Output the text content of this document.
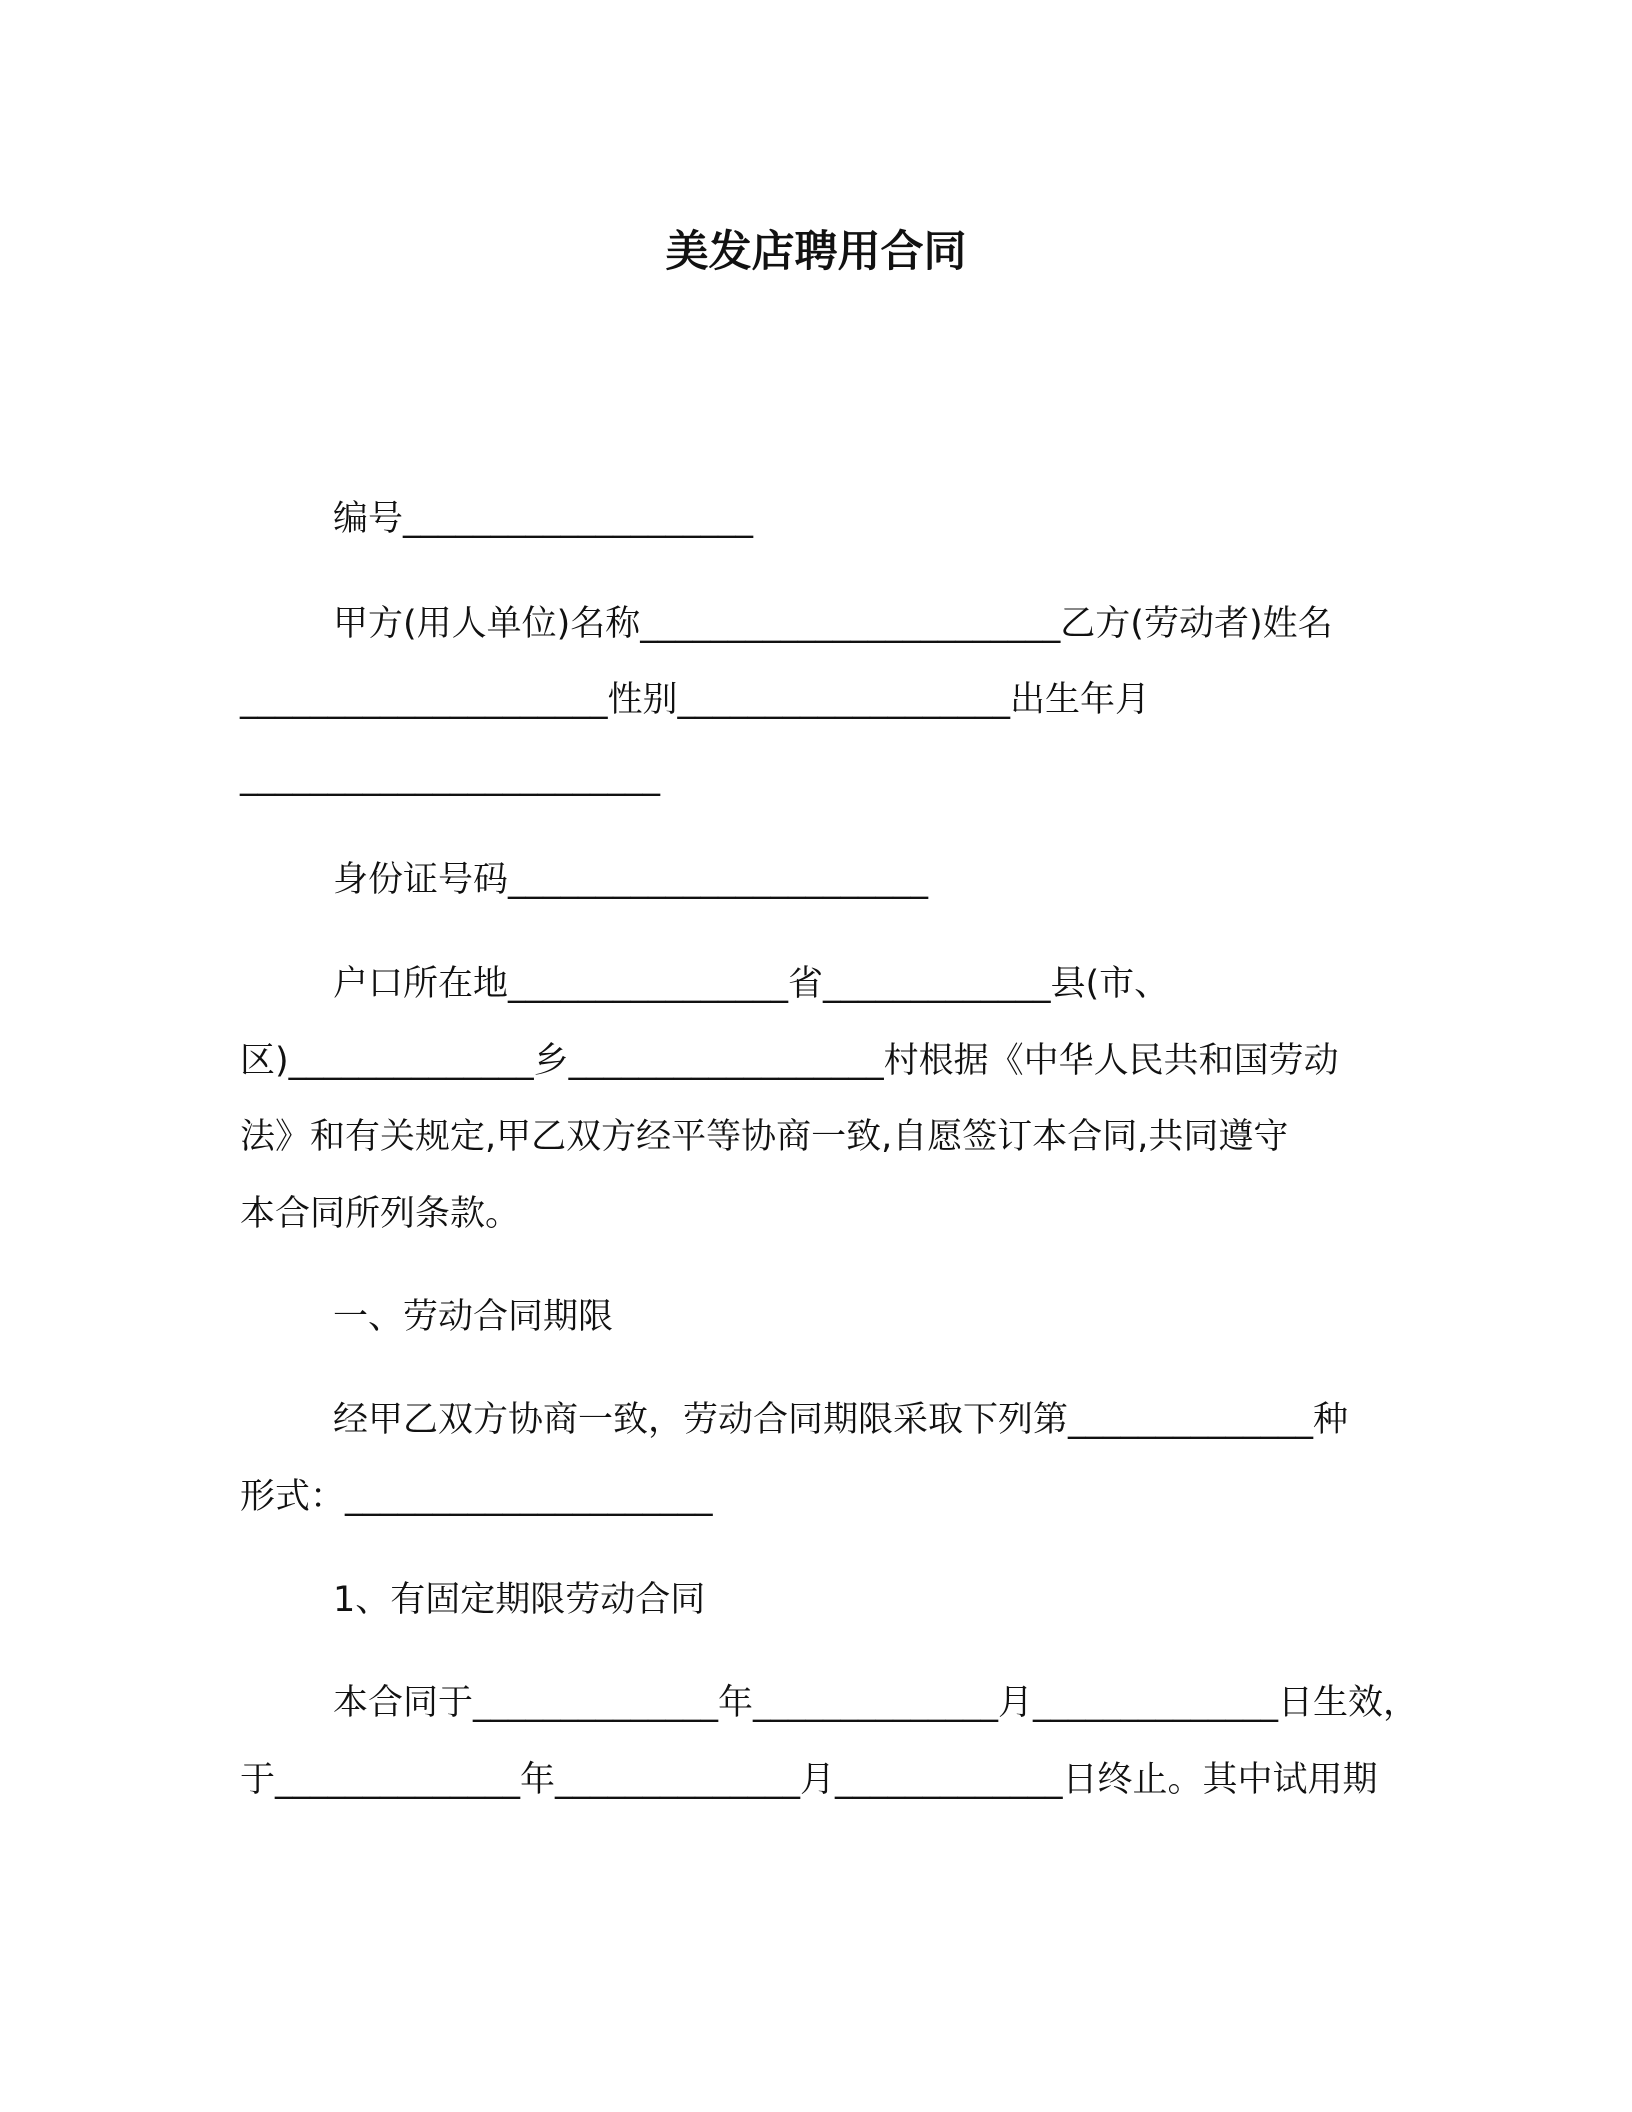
美发店聘用合同

编号____________________

甲方(用人单位)名称________________________乙方(劳动者)姓名

_____________________性别___________________出生年月

________________________

身份证号码________________________

户口所在地________________省_____________县(市、

区)______________乡__________________村根据《中华人民共和国劳动

法》和有关规定,甲乙双方经平等协商一致,自愿签订本合同,共同遵守

本合同所列条款。

一、劳动合同期限

经甲乙双方协商一致，劳动合同期限采取下列第______________种

形式：_____________________

1、有固定期限劳动合同

本合同于______________年______________月______________日生效，

于______________年______________月_____________日终止。其中试用期
